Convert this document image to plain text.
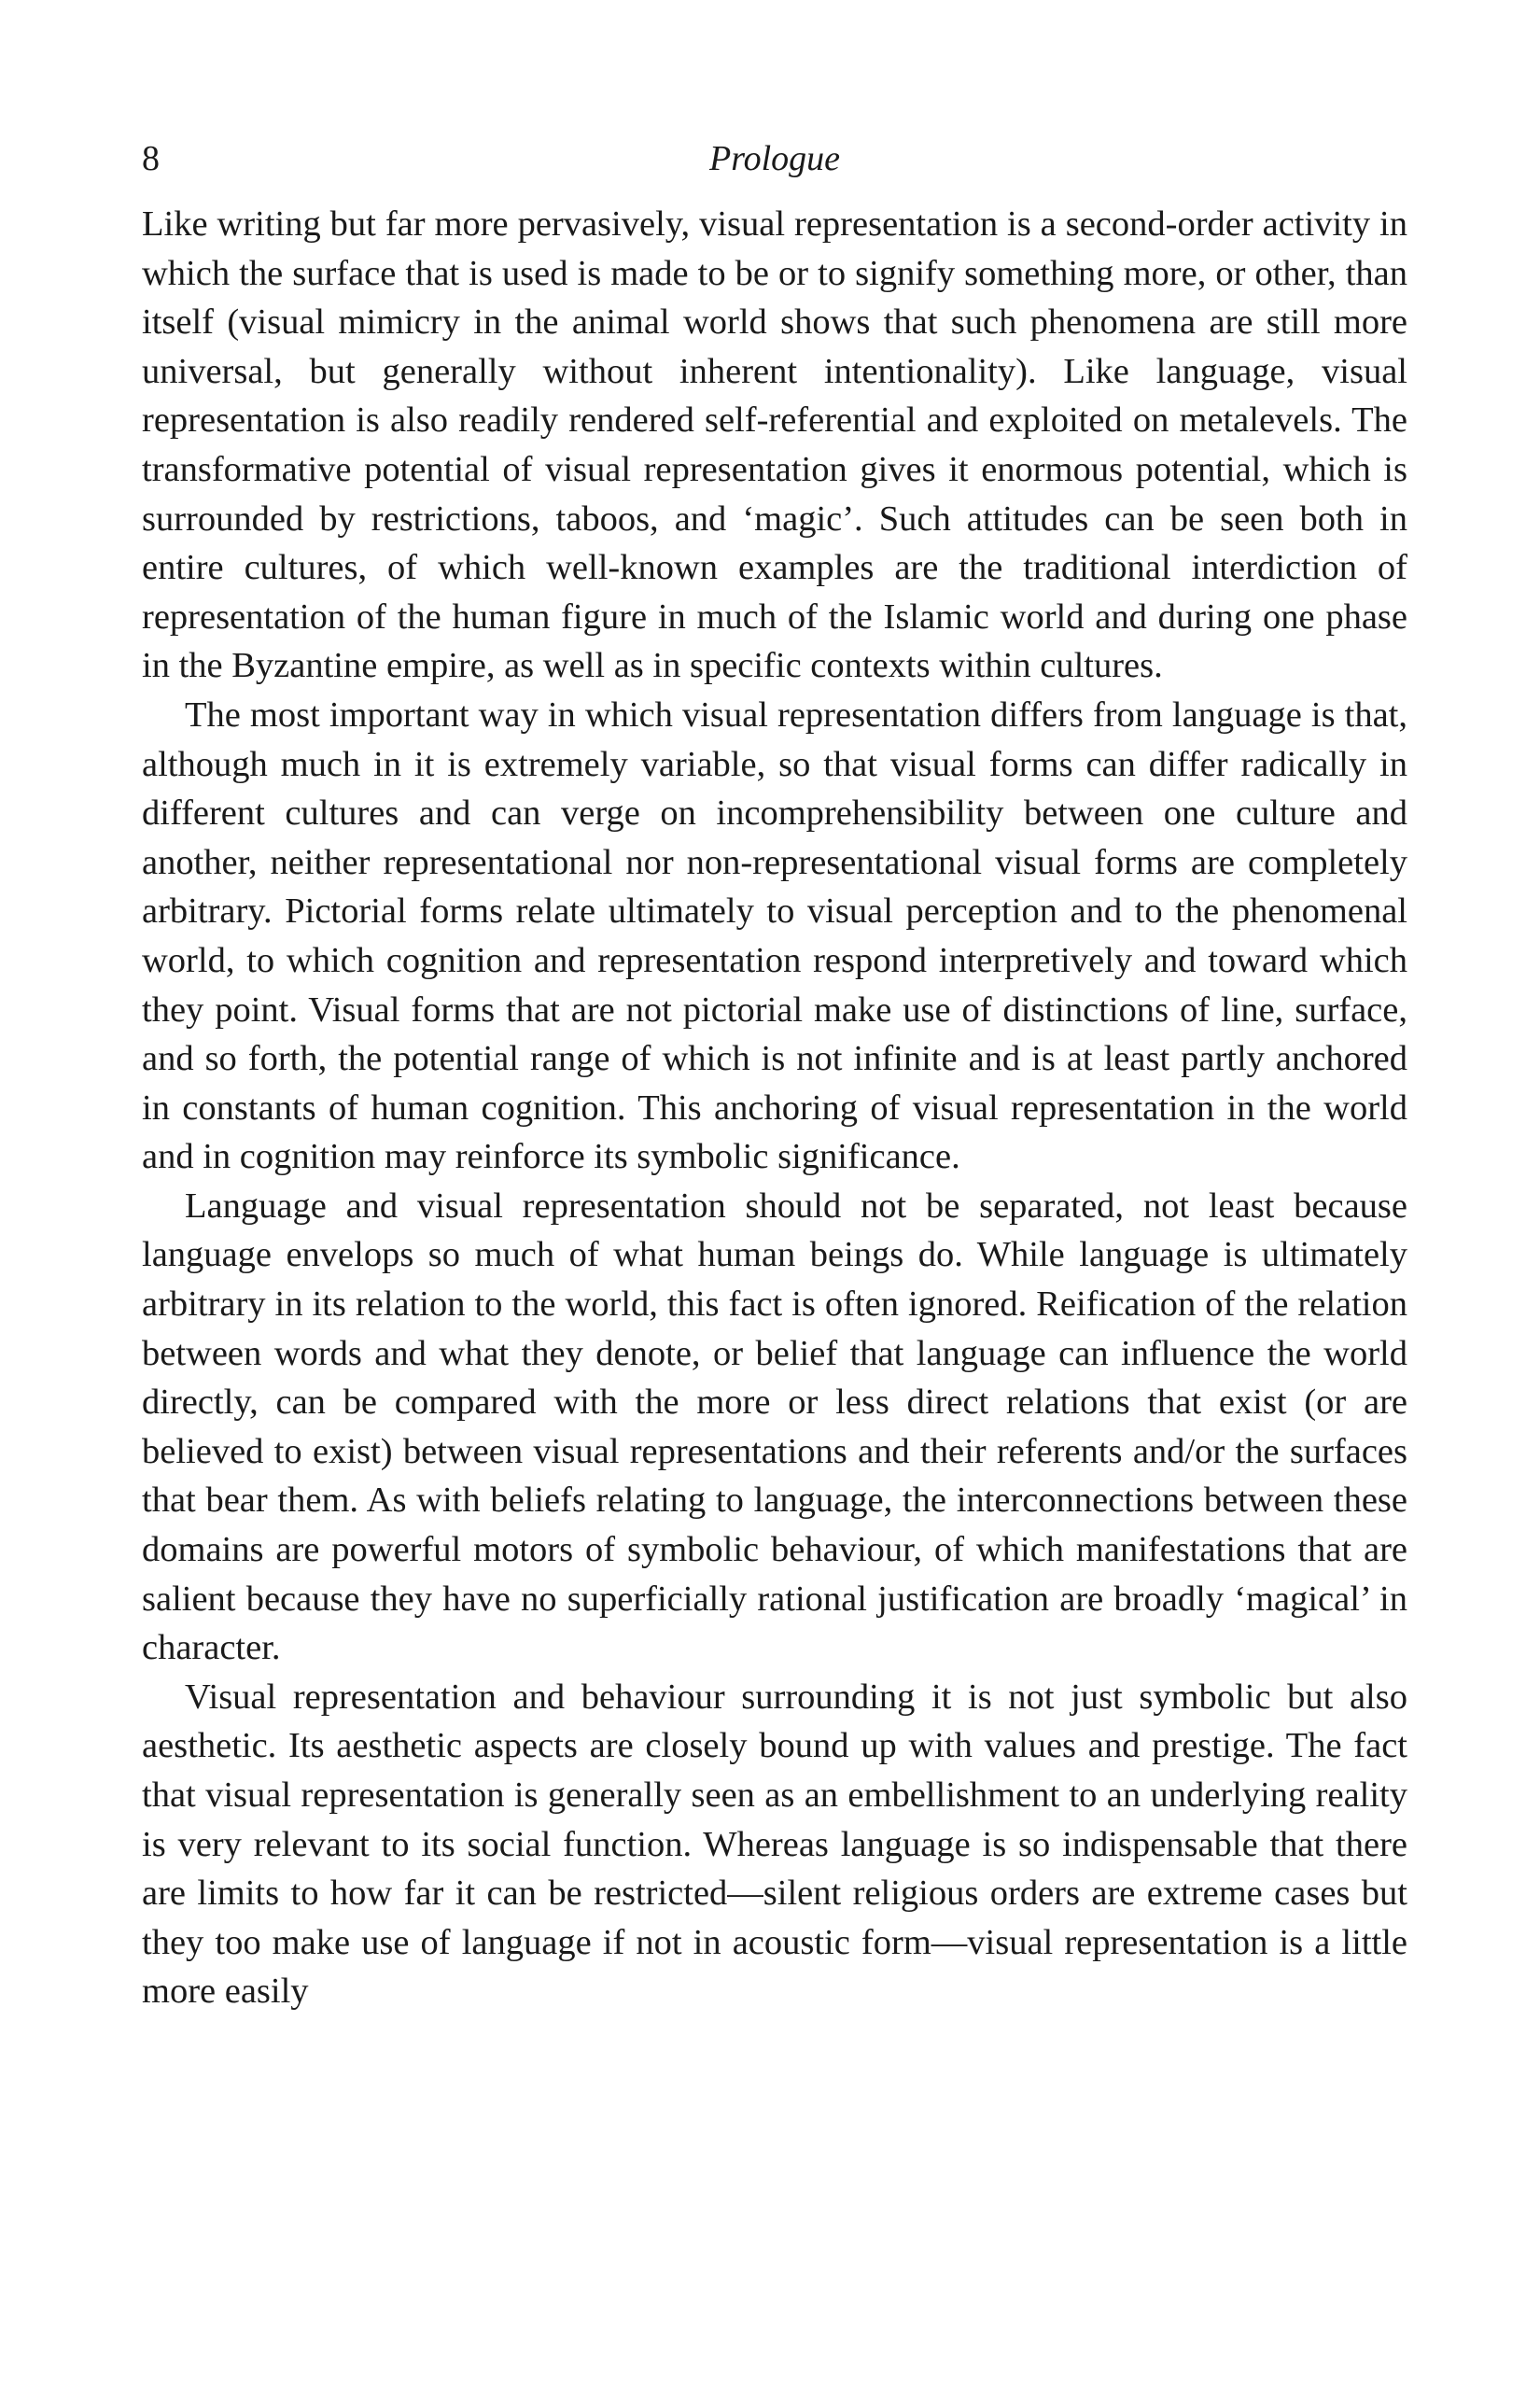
8	Prologue

Like writing but far more pervasively, visual representation is a second-order activity in which the surface that is used is made to be or to signify something more, or other, than itself (visual mimicry in the animal world shows that such phenomena are still more universal, but generally without inherent intentionality). Like language, visual representation is also readily rendered self-referential and exploited on metalevels. The transformative potential of visual representation gives it enormous potential, which is surrounded by restrictions, taboos, and ‘magic’. Such attitudes can be seen both in entire cultures, of which well-known examples are the traditional interdiction of representation of the human figure in much of the Islamic world and during one phase in the Byzantine empire, as well as in specific contexts within cultures.

The most important way in which visual representation differs from language is that, although much in it is extremely variable, so that visual forms can differ radically in different cultures and can verge on incomprehensibility between one culture and another, neither representational nor non-representational visual forms are completely arbitrary. Pictorial forms relate ultimately to visual perception and to the phenomenal world, to which cognition and representation respond interpretively and toward which they point. Visual forms that are not pictorial make use of distinctions of line, surface, and so forth, the potential range of which is not infinite and is at least partly anchored in constants of human cognition. This anchoring of visual representation in the world and in cognition may reinforce its symbolic significance.

Language and visual representation should not be separated, not least because language envelops so much of what human beings do. While language is ultimately arbitrary in its relation to the world, this fact is often ignored. Reification of the relation between words and what they denote, or belief that language can influence the world directly, can be compared with the more or less direct relations that exist (or are believed to exist) between visual representations and their referents and/or the surfaces that bear them. As with beliefs relating to language, the interconnections between these domains are powerful motors of symbolic behaviour, of which manifestations that are salient because they have no superficially rational justification are broadly ‘magical’ in character.

Visual representation and behaviour surrounding it is not just symbolic but also aesthetic. Its aesthetic aspects are closely bound up with values and prestige. The fact that visual representation is generally seen as an embellishment to an underlying reality is very relevant to its social function. Whereas language is so indispensable that there are limits to how far it can be restricted—silent religious orders are extreme cases but they too make use of language if not in acoustic form—visual representation is a little more easily
